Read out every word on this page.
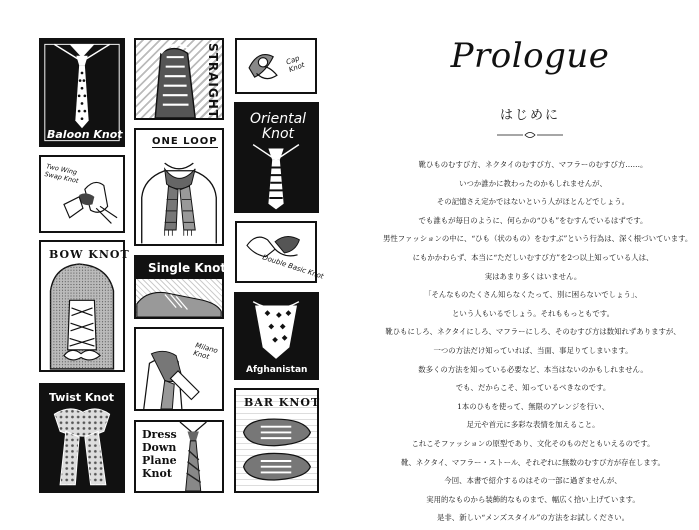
Baloon Knot
STRAIGHT	Cap Knot
ONE LOOP
Oriental Knot
Two Wing Swap Knot
BOW KNOT
Single Knot	Double Basic Knot
Afghanistan
Milano Knot
Twist Knot	BAR KNOT
Dress Down Plane Knot
Prologue
はじめに

靴ひものむすび方、ネクタイのむすび方、マフラーのむすび方……。

いつか誰かに教わったのかもしれませんが、

その記憶さえ定かではないという人がほとんどでしょう。

でも誰もが毎日のように、何らかの“ひも”をむすんでいるはずです。

男性ファッションの中に、“ひも（状のもの）をむすぶ”という行為は、深く根づいています。

にもかかわらず、本当に“ただしいむすび方”を2つ以上知っている人は、

実はあまり多くはいません。

「そんなものたくさん知らなくたって、別に困らないでしょう」、

という人もいるでしょう。それももっともです。

靴ひもにしろ、ネクタイにしろ、マフラーにしろ、そのむすび方は数知れずありますが、

一つの方法だけ知っていれば、当面、事足りてしまいます。

数多くの方法を知っている必要など、本当はないのかもしれません。

でも、だからこそ、知っているべきなのです。

1本のひもを使って、無限のアレンジを行い、

足元や首元に多彩な表情を加えること。

これこそファッションの原型であり、文化そのものだともいえるのです。

靴、ネクタイ、マフラー・ストール、それぞれに無数のむすび方が存在します。

今回、本書で紹介するのはその一部に過ぎませんが、

実用的なものから装飾的なものまで、幅広く拾い上げています。

是非、新しい“メンズスタイル”の方法をお試しください。
